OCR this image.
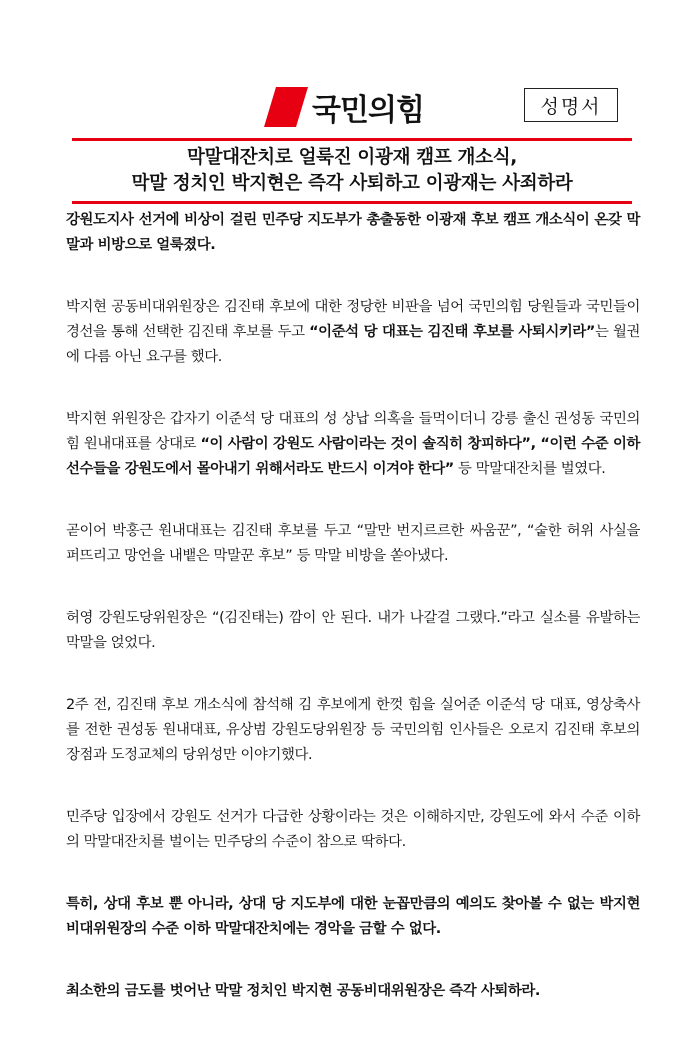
국민의힘	성명서
막말대잔치로 얼룩진 이광재 캠프 개소식,
막말 정치인 박지현은 즉각 사퇴하고 이광재는 사죄하라

강원도지사 선거에 비상이 걸린 민주당 지도부가 총출동한 이광재 후보 캠프 개소식이 온갖 막말과 비방으로 얼룩졌다.

박지현 공동비대위원장은 김진태 후보에 대한 정당한 비판을 넘어 국민의힘 당원들과 국민들이 경선을 통해 선택한 김진태 후보를 두고 “이준석 당 대표는 김진태 후보를 사퇴시키라”는 월권에 다름 아닌 요구를 했다.

박지현 위원장은 갑자기 이준석 당 대표의 성 상납 의혹을 들먹이더니 강릉 출신 권성동 국민의힘 원내대표를 상대로 “이 사람이 강원도 사람이라는 것이 솔직히 창피하다”, “이런 수준 이하 선수들을 강원도에서 몰아내기 위해서라도 반드시 이겨야 한다” 등 막말대잔치를 벌였다.

곧이어 박홍근 원내대표는 김진태 후보를 두고 “말만 번지르르한 싸움꾼”, “숱한 허위 사실을 퍼뜨리고 망언을 내뱉은 막말꾼 후보” 등 막말 비방을 쏟아냈다.

허영 강원도당위원장은 “(김진태는) 깜이 안 된다. 내가 나갈걸 그랬다.”라고 실소를 유발하는 막말을 얹었다.

2주 전, 김진태 후보 개소식에 참석해 김 후보에게 한껏 힘을 실어준 이준석 당 대표, 영상축사를 전한 권성동 원내대표, 유상범 강원도당위원장 등 국민의힘 인사들은 오로지 김진태 후보의 장점과 도정교체의 당위성만 이야기했다.

민주당 입장에서 강원도 선거가 다급한 상황이라는 것은 이해하지만, 강원도에 와서 수준 이하의 막말대잔치를 벌이는 민주당의 수준이 참으로 딱하다.

특히, 상대 후보 뿐 아니라, 상대 당 지도부에 대한 눈꼽만큼의 예의도 찾아볼 수 없는 박지현 비대위원장의 수준 이하 막말대잔치에는 경악을 금할 수 없다.

최소한의 금도를 벗어난 막말 정치인 박지현 공동비대위원장은 즉각 사퇴하라.
